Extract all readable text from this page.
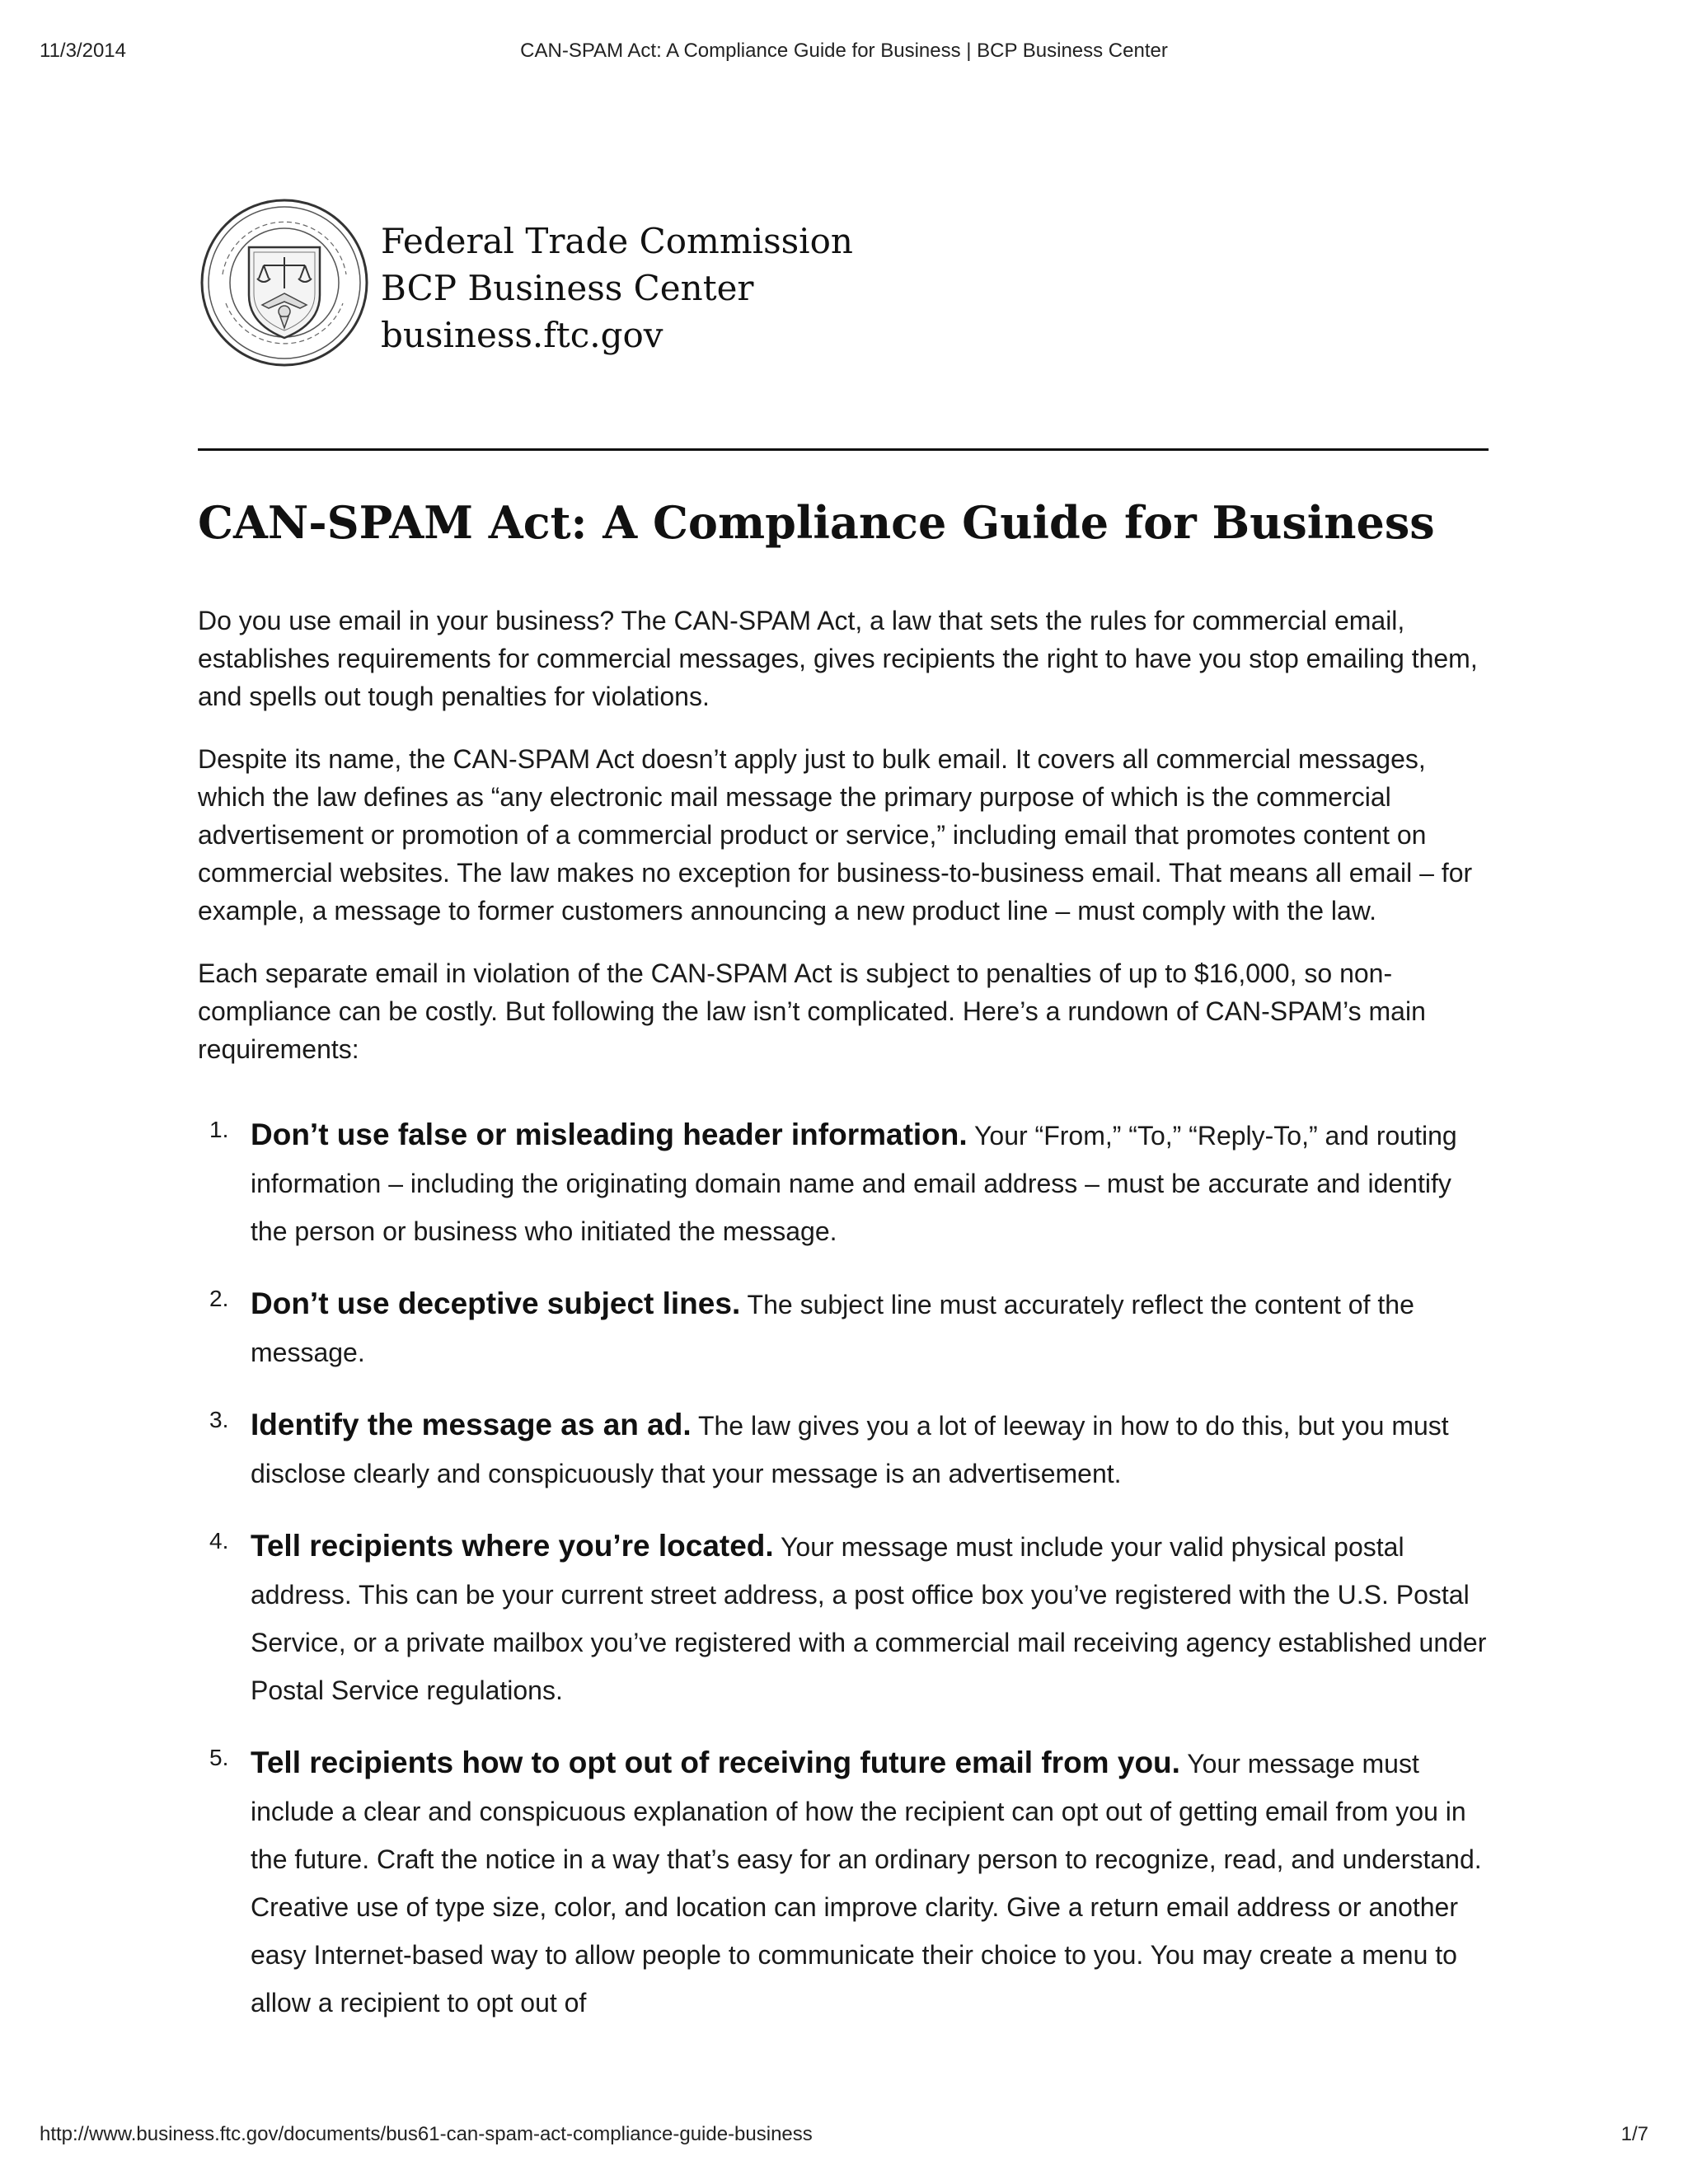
11/3/2014	CAN-SPAM Act: A Compliance Guide for Business | BCP Business Center
Federal Trade Commission
BCP Business Center
business.ftc.gov
CAN-SPAM Act: A Compliance Guide for Business

Do you use email in your business? The CAN-SPAM Act, a law that sets the rules for commercial email, establishes requirements for commercial messages, gives recipients the right to have you stop emailing them, and spells out tough penalties for violations.

Despite its name, the CAN-SPAM Act doesn’t apply just to bulk email. It covers all commercial messages, which the law defines as “any electronic mail message the primary purpose of which is the commercial advertisement or promotion of a commercial product or service,” including email that promotes content on commercial websites. The law makes no exception for business-to-business email. That means all email – for example, a message to former customers announcing a new product line – must comply with the law.

Each separate email in violation of the CAN-SPAM Act is subject to penalties of up to $16,000, so non-compliance can be costly. But following the law isn’t complicated. Here’s a rundown of CAN-SPAM’s main requirements:

1. Don’t use false or misleading header information. Your “From,” “To,” “Reply-To,” and routing information – including the originating domain name and email address – must be accurate and identify the person or business who initiated the message.
2. Don’t use deceptive subject lines. The subject line must accurately reflect the content of the message.
3. Identify the message as an ad. The law gives you a lot of leeway in how to do this, but you must disclose clearly and conspicuously that your message is an advertisement.
4. Tell recipients where you’re located. Your message must include your valid physical postal address. This can be your current street address, a post office box you’ve registered with the U.S. Postal Service, or a private mailbox you’ve registered with a commercial mail receiving agency established under Postal Service regulations.
5. Tell recipients how to opt out of receiving future email from you. Your message must include a clear and conspicuous explanation of how the recipient can opt out of getting email from you in the future. Craft the notice in a way that’s easy for an ordinary person to recognize, read, and understand. Creative use of type size, color, and location can improve clarity. Give a return email address or another easy Internet-based way to allow people to communicate their choice to you. You may create a menu to allow a recipient to opt out of
http://www.business.ftc.gov/documents/bus61-can-spam-act-compliance-guide-business	1/7
